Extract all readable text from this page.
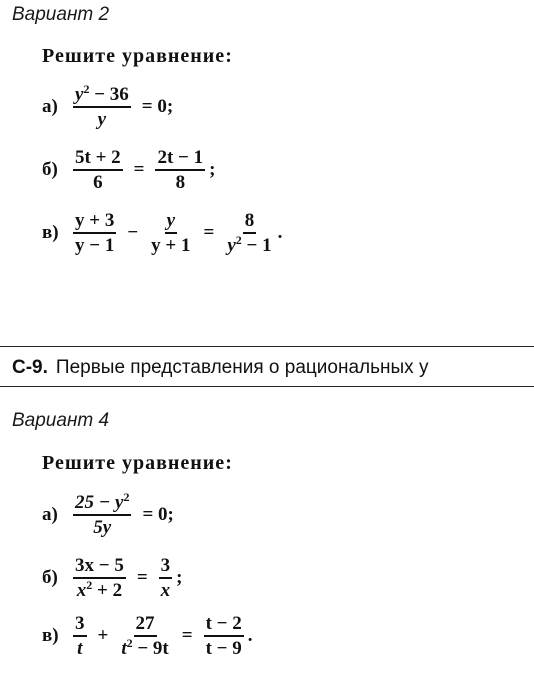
Вариант 2
Решите уравнение:
$а) \frac{y^2 - 36}{y} = 0$;
$б) \frac{5t + 2}{6} = \frac{2t - 1}{8}$ ;
$в) \frac{y + 3}{y - 1} - \frac{y}{y + 1} = \frac{8}{y^2 - 1}$ .
С-9. Первые представления о рациональных у
Вариант 4
Решите уравнение:
$а) \frac{25 - y^2}{5y} = 0$;
$б) \frac{3x - 5}{x^2 + 2} = \frac{3}{x}$ ;
$в) \frac{3}{t} + \frac{27}{t^2 - 9t} = \frac{t - 2}{t - 9}$ .
